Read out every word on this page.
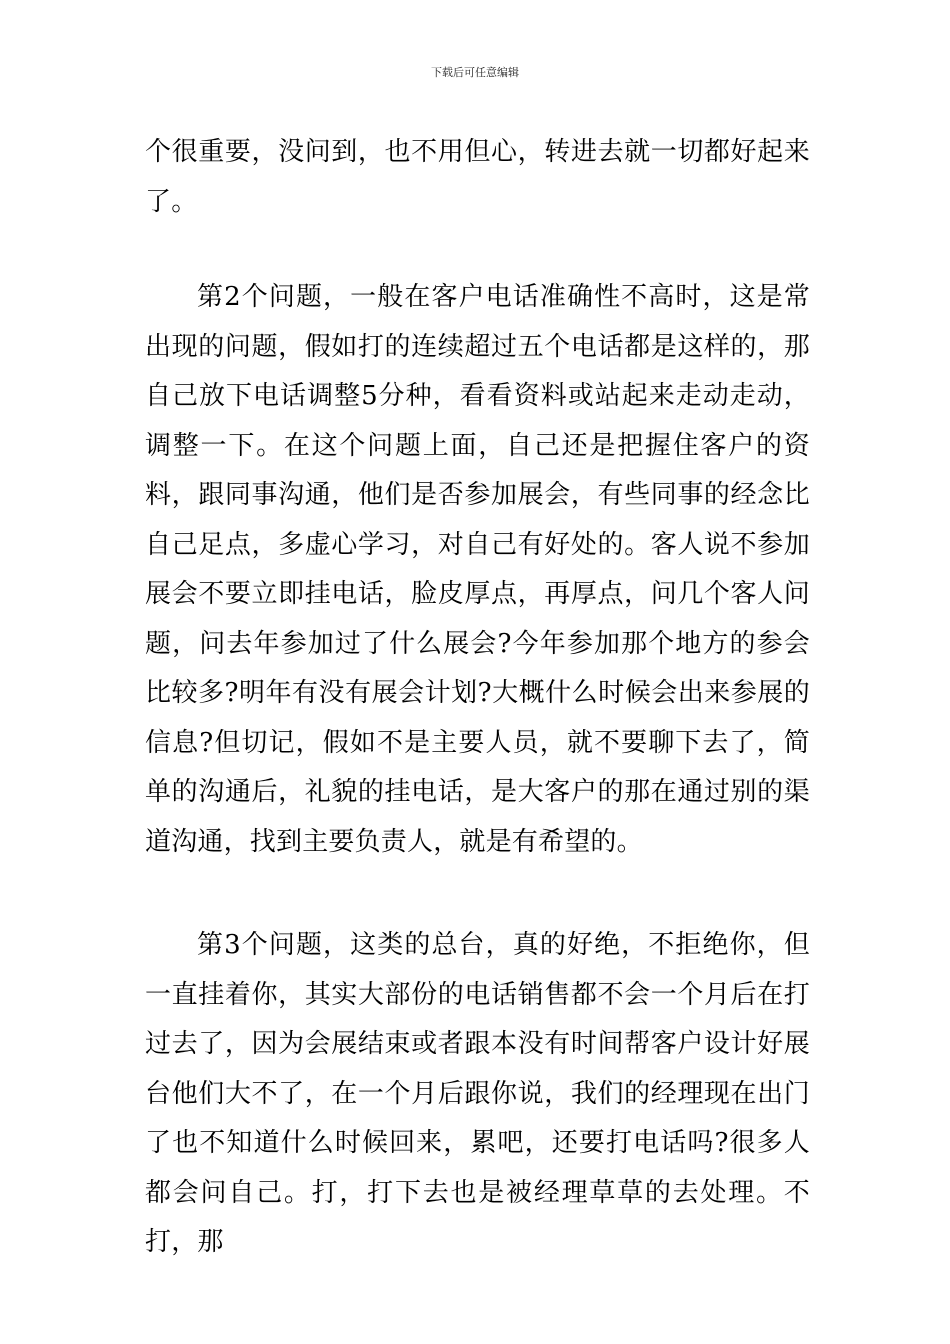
下载后可任意编辑

个很重要，没问到，也不用但心，转进去就一切都好起来了。

第2个问题，一般在客户电话准确性不高时，这是常出现的问题，假如打的连续超过五个电话都是这样的，那自己放下电话调整5分种，看看资料或站起来走动走动，调整一下。在这个问题上面，自己还是把握住客户的资料，跟同事沟通，他们是否参加展会，有些同事的经念比自己足点，多虚心学习，对自己有好处的。客人说不参加展会不要立即挂电话，脸皮厚点，再厚点，问几个客人问题，问去年参加过了什么展会?今年参加那个地方的参会比较多?明年有没有展会计划?大概什么时候会出来参展的信息?但切记，假如不是主要人员，就不要聊下去了，简单的沟通后，礼貌的挂电话，是大客户的那在通过别的渠道沟通，找到主要负责人，就是有希望的。

第3个问题，这类的总台，真的好绝，不拒绝你，但一直挂着你，其实大部份的电话销售都不会一个月后在打过去了，因为会展结束或者跟本没有时间帮客户设计好展台他们大不了，在一个月后跟你说，我们的经理现在出门了也不知道什么时候回来，累吧，还要打电话吗?很多人都会问自己。打，打下去也是被经理草草的去处理。不打，那
